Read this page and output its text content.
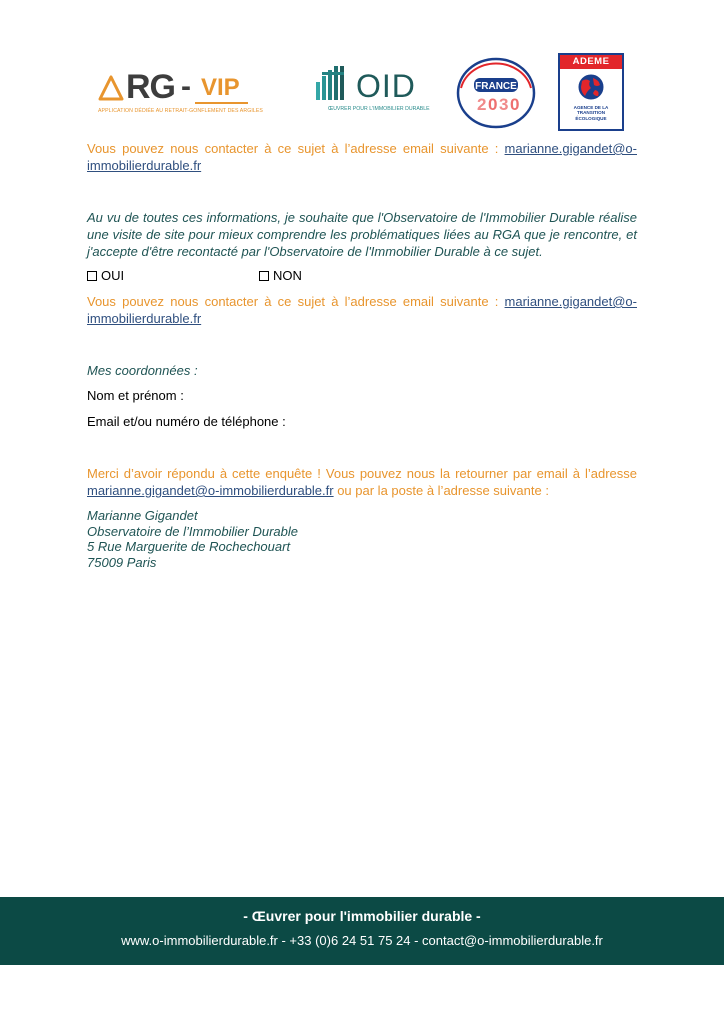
RG - VIP
APPLICATION DÉDIÉE AU RETRAIT-GONFLEMENT DES ARGILES
OID
ŒUVRER POUR L'IMMOBILIER DURABLE
FRANCE
2 0 3 0
ADEME
AGENCE DE LA
TRANSITION
ÉCOLOGIQUE
Vous pouvez nous contacter à ce sujet à l’adresse email suivante : marianne.gigandet@o-immobilierdurable.fr
Au vu de toutes ces informations, je souhaite que l'Observatoire de l'Immobilier Durable réalise une visite de site pour mieux comprendre les problématiques liées au RGA que je rencontre, et j'accepte d'être recontacté par l'Observatoire de l'Immobilier Durable à ce sujet.
OUI	NON
Vous pouvez nous contacter à ce sujet à l’adresse email suivante : marianne.gigandet@o-immobilierdurable.fr
Mes coordonnées :
Nom et prénom :
Email et/ou numéro de téléphone :
Merci d’avoir répondu à cette enquête ! Vous pouvez nous la retourner par email à l’adresse marianne.gigandet@o-immobilierdurable.fr ou par la poste à l’adresse suivante :
Marianne Gigandet
Observatoire de l’Immobilier Durable
5 Rue Marguerite de Rochechouart
75009 Paris
- Œuvrer pour l'immobilier durable -
www.o-immobilierdurable.fr - +33 (0)6 24 51 75 24 - contact@o-immobilierdurable.fr
